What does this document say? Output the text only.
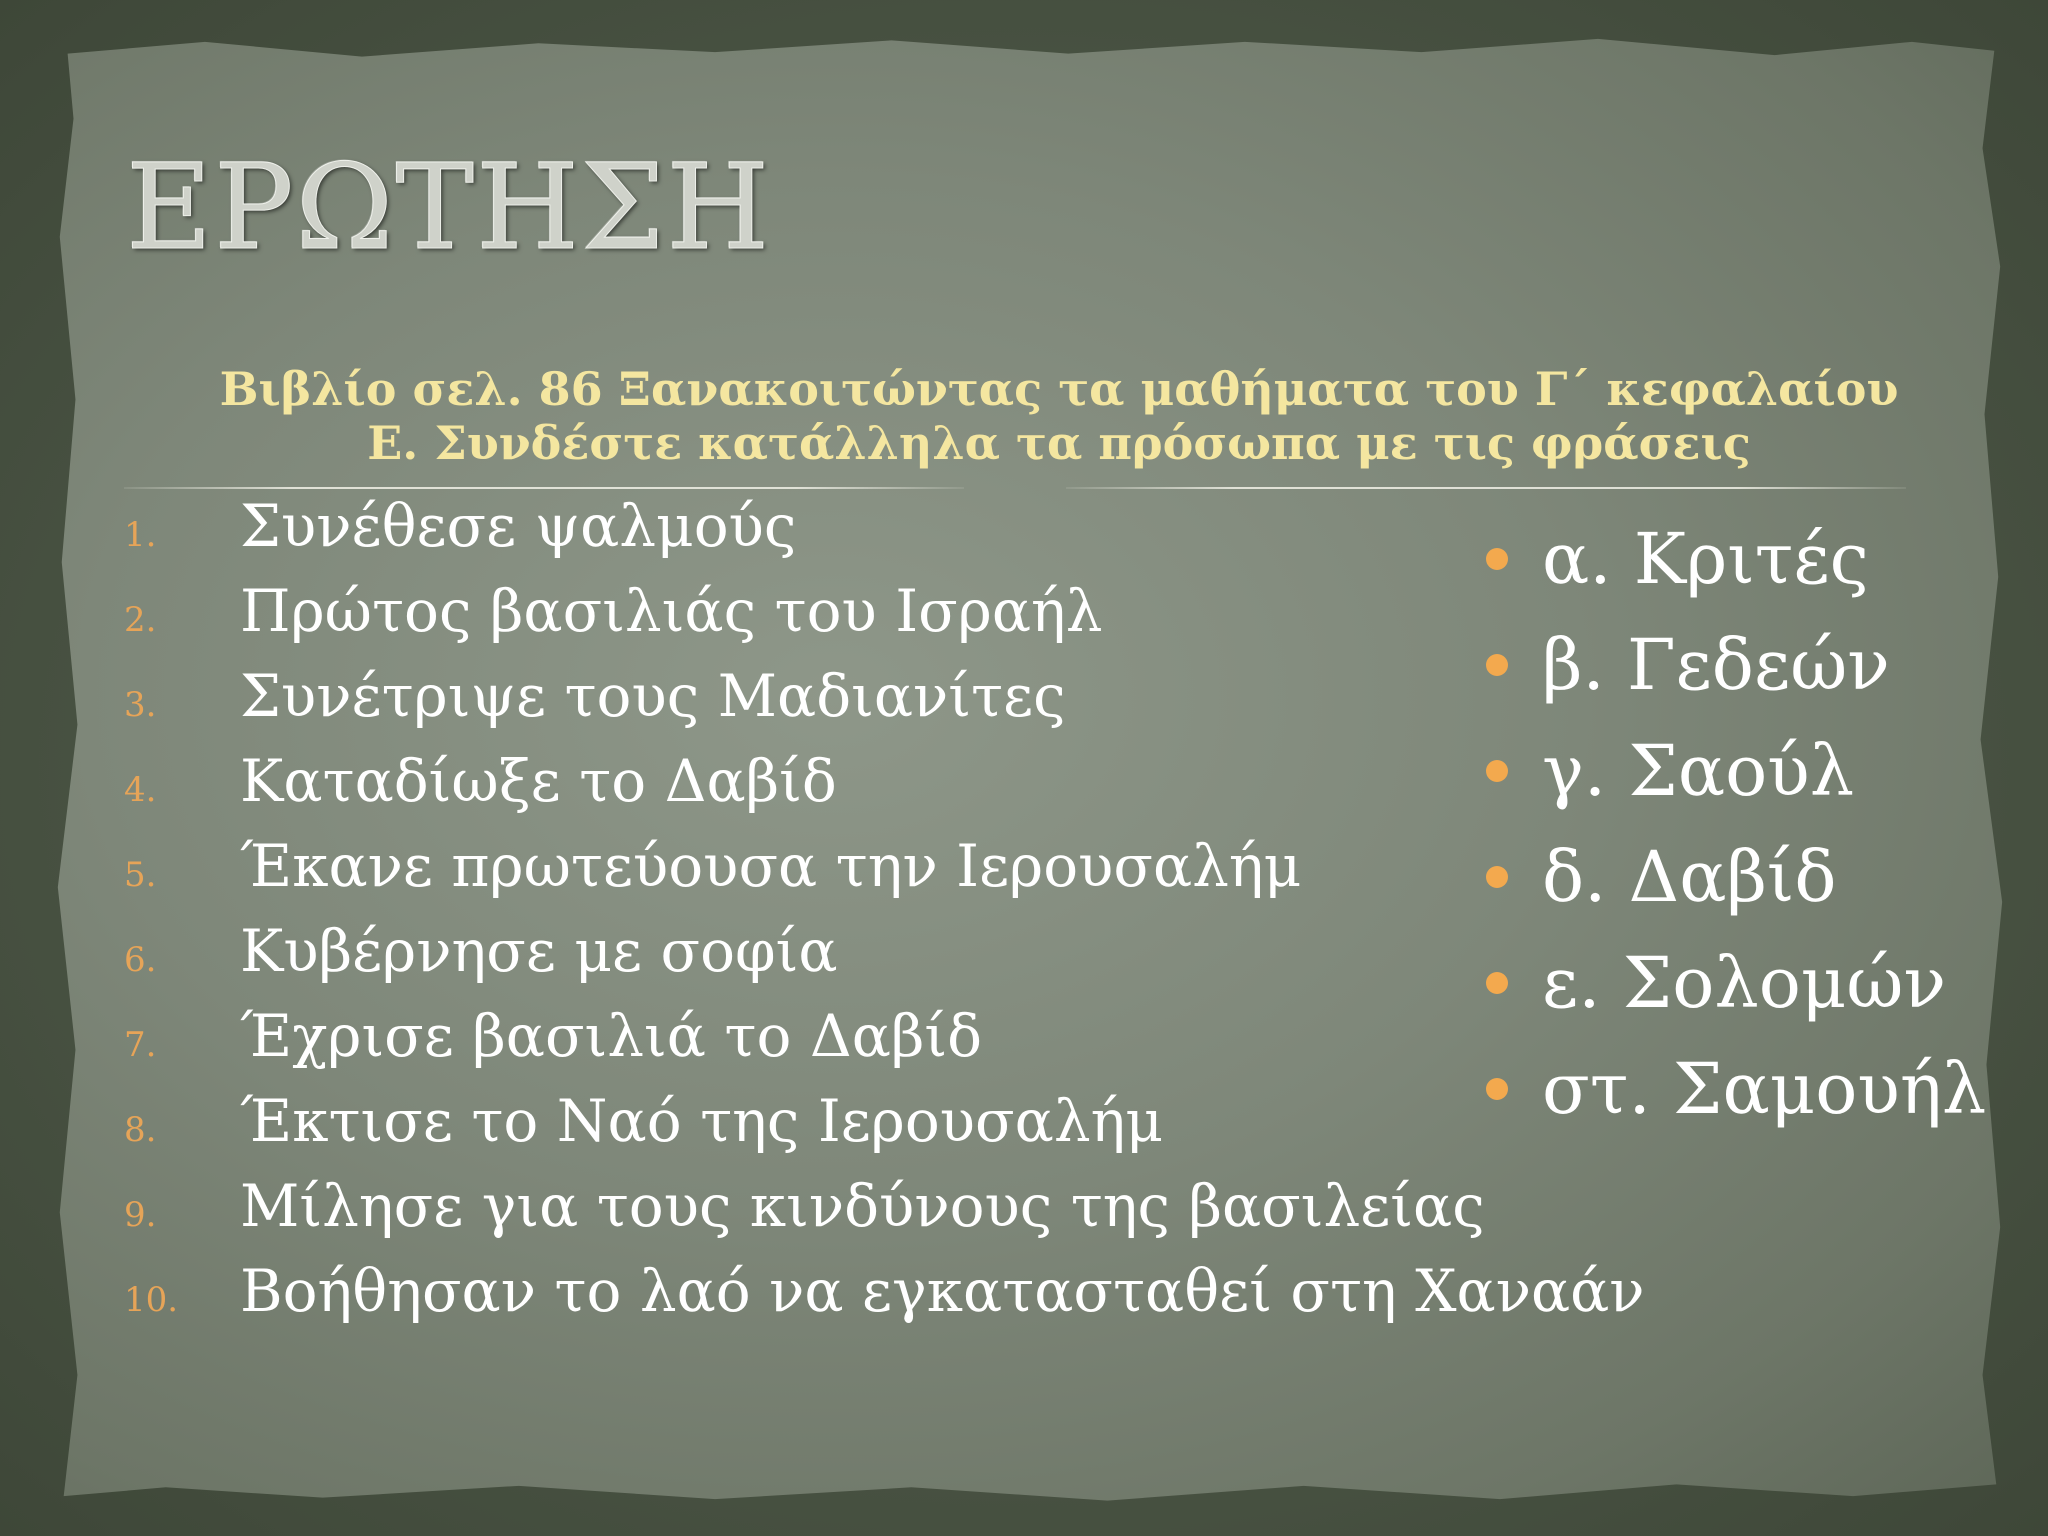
ΕΡΩΤΗΣΗ
Βιβλίο σελ. 86 Ξανακοιτώντας τα μαθήματα του Γ΄ κεφαλαίου
Ε. Συνδέστε κατάλληλα τα πρόσωπα με τις φράσεις
1.	Συνέθεσε ψαλμούς
2.	Πρώτος βασιλιάς του Ισραήλ
3.	Συνέτριψε τους Μαδιανίτες
4.	Καταδίωξε το Δαβίδ
5.	Έκανε πρωτεύουσα την Ιερουσαλήμ
6.	Κυβέρνησε με σοφία
7.	Έχρισε βασιλιά το Δαβίδ
8.	Έκτισε το Ναό της Ιερουσαλήμ
9.	Μίλησε για τους κινδύνους της βασιλείας
10.	Βοήθησαν το λαό να εγκατασταθεί στη Χαναάν
α. Κριτές
β. Γεδεών
γ. Σαούλ
δ. Δαβίδ
ε. Σολομών
στ. Σαμουήλ
